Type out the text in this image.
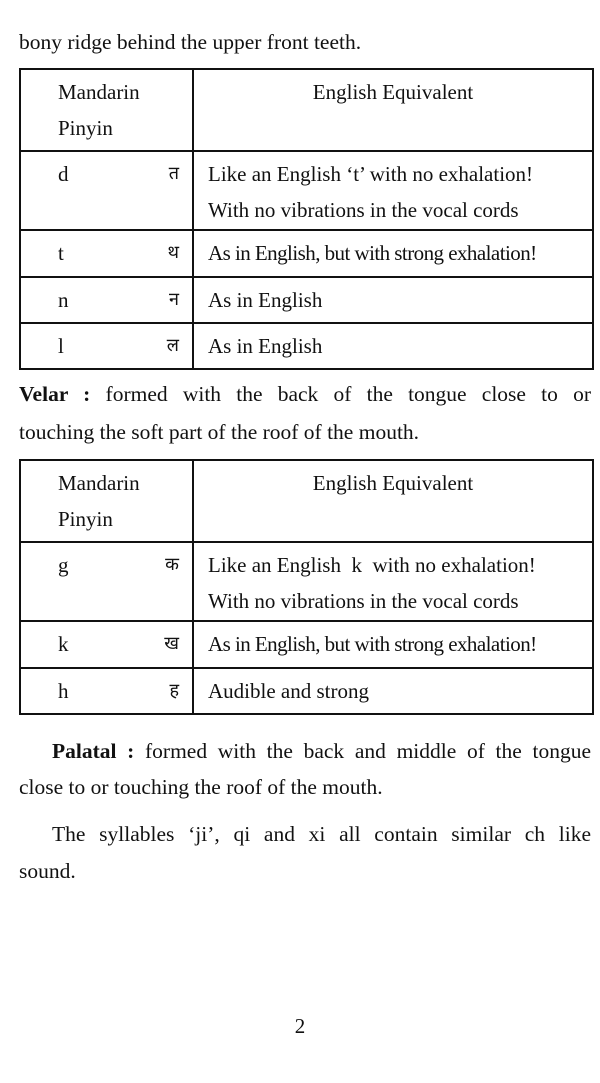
bony ridge behind the upper front teeth.
Mandarin
Pinyin	English Equivalent

d त	Like an English ‘t’ with no exhalation!
With no vibrations in the vocal cords

t थ	As in English, but with strong exhalation!

n न	As in English

l ल	As in English
Velar : formed with the back of the tongue close to or
touching the soft part of the roof of the mouth.
Mandarin
Pinyin	English Equivalent

g क	Like an English  k  with no exhalation!
With no vibrations in the vocal cords

k ख	As in English, but with strong exhalation!

h ह	Audible and strong
Palatal : formed with the back and middle of the tongue
close to or touching the roof of the mouth.
The syllables ‘ji’, qi and xi all contain similar ch like
sound.
2
